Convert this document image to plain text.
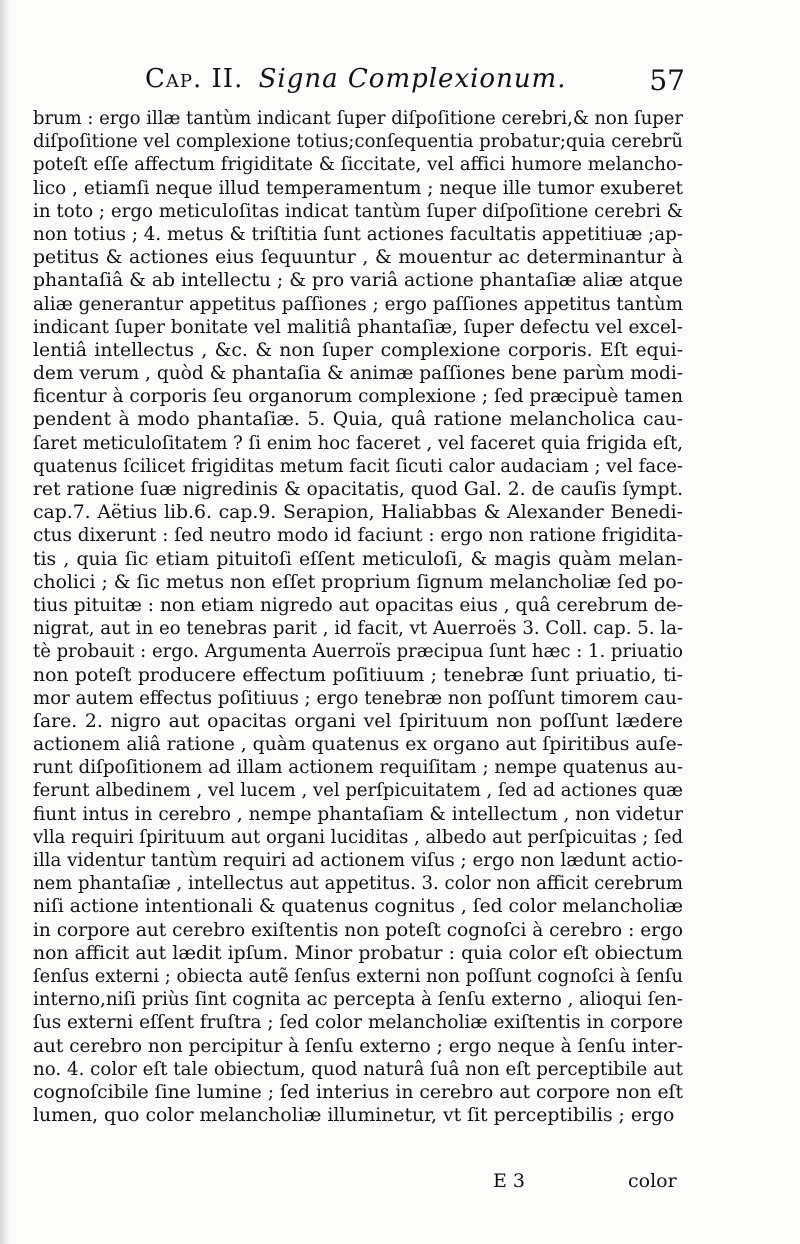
Cap. II. Signa Complexionum.	57
brum : ergo illæ tantùm indicant ſuper diſpoſitione cerebri,& non ſuper
diſpoſitione vel complexione totius;conſequentia probatur;quia cerebrũ
poteſt eſſe affectum frigiditate & ſiccitate, vel affici humore melancho-
lico , etiamſi neque illud temperamentum ; neque ille tumor exuberet
in toto ; ergo meticuloſitas indicat tantùm ſuper diſpoſitione cerebri &
non totius ; 4. metus & triſtitia ſunt actiones facultatis appetitiuæ ;ap-
petitus & actiones eius ſequuntur , & mouentur ac determinantur à
phantaſiâ & ab intellectu ; & pro variâ actione phantaſiæ aliæ atque
aliæ generantur appetitus paſſiones ; ergo paſſiones appetitus tantùm
indicant ſuper bonitate vel malitiâ phantaſiæ, ſuper defectu vel excel-
lentiâ intellectus , &c. & non ſuper complexione corporis. Eſt equi-
dem verum , quòd & phantaſia & animæ paſſiones bene parùm modi-
ficentur à corporis ſeu organorum complexione ; ſed præcipuè tamen
pendent à modo phantaſiæ. 5. Quia, quâ ratione melancholica cau-
ſaret meticuloſitatem ? ſi enim hoc faceret , vel faceret quia frigida eſt,
quatenus ſcilicet frigiditas metum facit ſicuti calor audaciam ; vel face-
ret ratione ſuæ nigredinis & opacitatis, quod Gal. 2. de cauſis ſympt.
cap.7. Aëtius lib.6. cap.9. Serapion, Haliabbas & Alexander Benedi-
ctus dixerunt : ſed neutro modo id faciunt : ergo non ratione frigidita-
tis , quia ſic etiam pituitoſi eſſent meticuloſi, & magis quàm melan-
cholici ; & ſic metus non eſſet proprium ſignum melancholiæ ſed po-
tius pituitæ : non etiam nigredo aut opacitas eius , quâ cerebrum de-
nigrat, aut in eo tenebras parit , id facit, vt Auerroës 3. Coll. cap. 5. la-
tè probauit : ergo. Argumenta Auerroïs præcipua ſunt hæc : 1. priuatio
non poteſt producere effectum poſitiuum ; tenebræ ſunt priuatio, ti-
mor autem effectus poſitiuus ; ergo tenebræ non poſſunt timorem cau-
ſare. 2. nigro aut opacitas organi vel ſpirituum non poſſunt lædere
actionem aliâ ratione , quàm quatenus ex organo aut ſpiritibus auſe-
runt diſpoſitionem ad illam actionem requiſitam ; nempe quatenus au-
ferunt albedinem , vel lucem , vel perſpicuitatem , ſed ad actiones quæ
fiunt intus in cerebro , nempe phantaſiam & intellectum , non videtur
vlla requiri ſpirituum aut organi luciditas , albedo aut perſpicuitas ; ſed
illa videntur tantùm requiri ad actionem viſus ; ergo non lædunt actio-
nem phantaſiæ , intellectus aut appetitus. 3. color non afficit cerebrum
niſi actione intentionali & quatenus cognitus , ſed color melancholiæ
in corpore aut cerebro exiſtentis non poteſt cognoſci à cerebro : ergo
non afficit aut lædit ipſum. Minor probatur : quia color eſt obiectum
ſenſus externi ; obiecta autẽ ſenſus externi non poſſunt cognoſci à ſenſu
interno,niſi priùs ſint cognita ac percepta à ſenſu externo , alioqui ſen-
ſus externi eſſent fruſtra ; ſed color melancholiæ exiſtentis in corpore
aut cerebro non percipitur à ſenſu externo ; ergo neque à ſenſu inter-
no. 4. color eſt tale obiectum, quod naturâ ſuâ non eſt perceptibile aut
cognoſcibile ſine lumine ; ſed interius in cerebro aut corpore non eſt
lumen, quo color melancholiæ illuminetur, vt ſit perceptibilis ; ergo
E 3	color
